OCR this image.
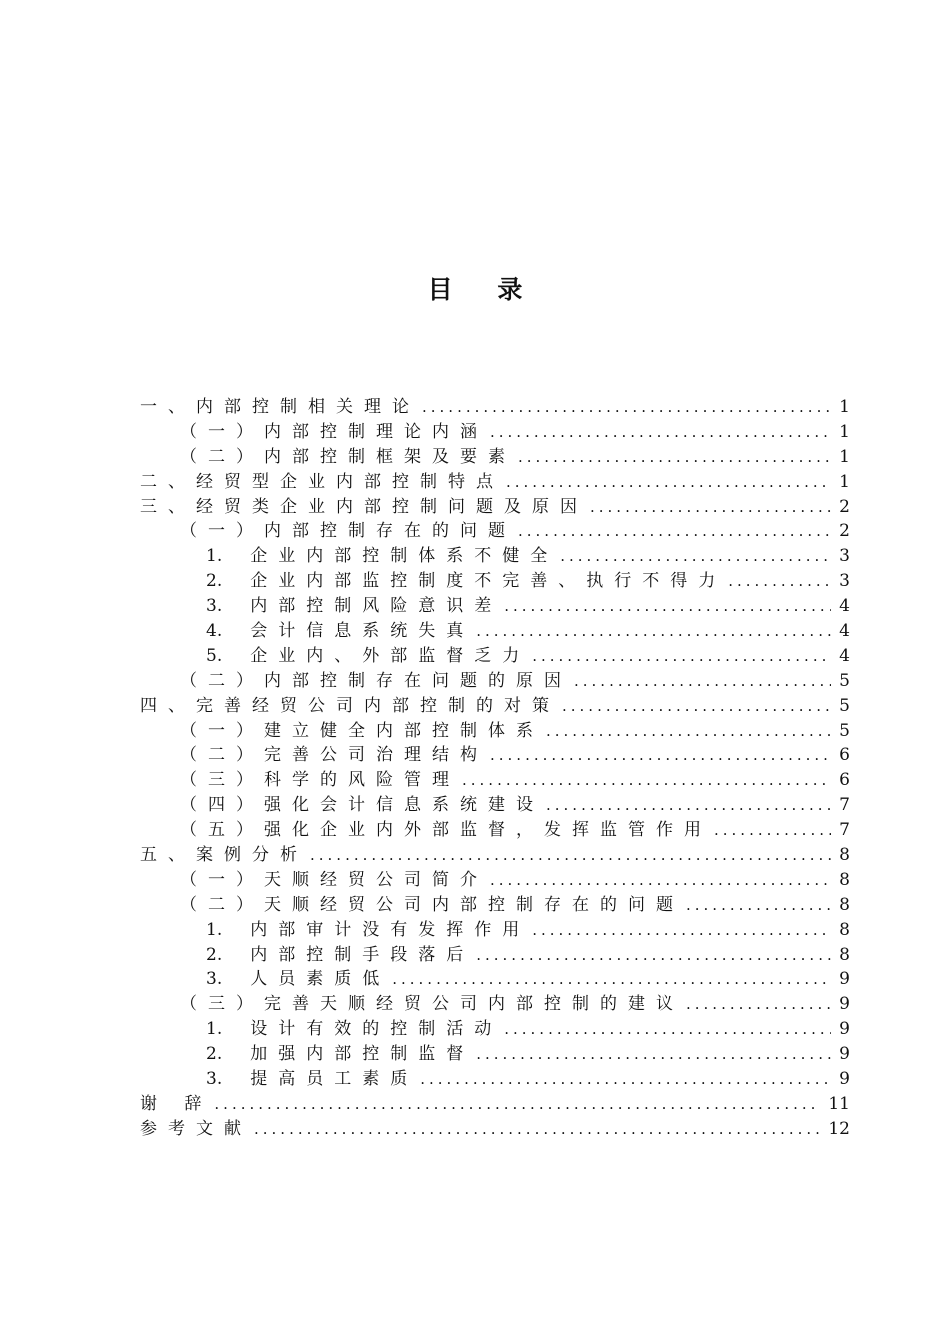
目 录
一、内部控制相关理论 .....	1
（一）内部控制理论内涵 .....	1
（二）内部控制框架及要素 .....	1
二、经贸型企业内部控制特点 .....	1
三、经贸类企业内部控制问题及原因 .....	2
（一）内部控制存在的问题 .....	2
1. 企业内部控制体系不健全 .....	3
2. 企业内部监控制度不完善、执行不得力 .....	3
3. 内部控制风险意识差 .....	4
4. 会计信息系统失真 .....	4
5. 企业内、外部监督乏力 .....	4
（二）内部控制存在问题的原因 .....	5
四、完善经贸公司内部控制的对策 .....	5
（一）建立健全内部控制体系 .....	5
（二）完善公司治理结构 .....	6
（三）科学的风险管理 .....	6
（四）强化会计信息系统建设 .....	7
（五）强化企业内外部监督，发挥监管作用 .....	7
五、案例分析 .....	8
（一）天顺经贸公司简介 .....	8
（二）天顺经贸公司内部控制存在的问题 .....	8
1. 内部审计没有发挥作用 .....	8
2. 内部控制手段落后 .....	8
3. 人员素质低 .....	9
（三）完善天顺经贸公司内部控制的建议 .....	9
1. 设计有效的控制活动 .....	9
2. 加强内部控制监督 .....	9
3. 提高员工素质 .....	9
谢 辞 .....	11
参考文献 .....	12
